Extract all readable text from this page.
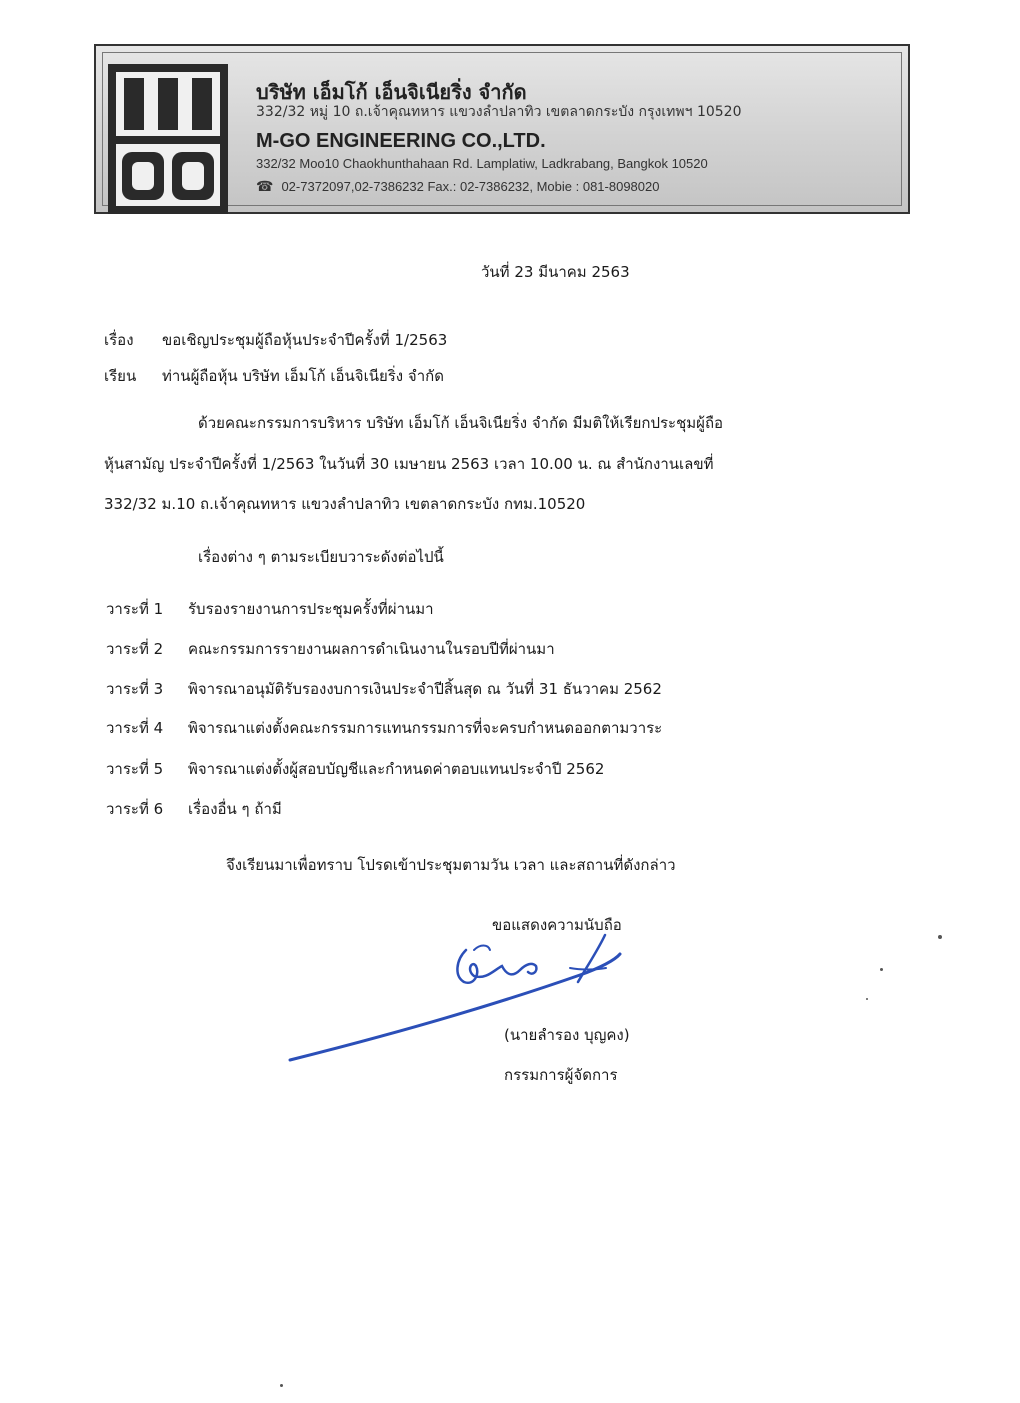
บริษัท เอ็มโก้ เอ็นจิเนียริ่ง จำกัด
332/32 หมู่ 10 ถ.เจ้าคุณทหาร แขวงลำปลาทิว เขตลาดกระบัง กรุงเทพฯ 10520
M-GO ENGINEERING CO.,LTD.
332/32 Moo10 Chaokhunthahaan Rd. Lamplatiw, Ladkrabang, Bangkok 10520
☎ 02-7372097,02-7386232 Fax.: 02-7386232, Mobie : 081-8098020
วันที่ 23 มีนาคม 2563
เรื่อง ขอเชิญประชุมผู้ถือหุ้นประจำปีครั้งที่ 1/2563
เรียน ท่านผู้ถือหุ้น บริษัท เอ็มโก้ เอ็นจิเนียริ่ง จำกัด
ด้วยคณะกรรมการบริหาร บริษัท เอ็มโก้ เอ็นจิเนียริ่ง จำกัด มีมติให้เรียกประชุมผู้ถือ
หุ้นสามัญ ประจำปีครั้งที่ 1/2563 ในวันที่ 30 เมษายน 2563 เวลา 10.00 น. ณ สำนักงานเลขที่
332/32 ม.10 ถ.เจ้าคุณทหาร แขวงลำปลาทิว เขตลาดกระบัง กทม.10520
เรื่องต่าง ๆ ตามระเบียบวาระดังต่อไปนี้
วาระที่ 1 รับรองรายงานการประชุมครั้งที่ผ่านมา
วาระที่ 2 คณะกรรมการรายงานผลการดำเนินงานในรอบปีที่ผ่านมา
วาระที่ 3 พิจารณาอนุมัติรับรองงบการเงินประจำปีสิ้นสุด ณ วันที่ 31 ธันวาคม 2562
วาระที่ 4 พิจารณาแต่งตั้งคณะกรรมการแทนกรรมการที่จะครบกำหนดออกตามวาระ
วาระที่ 5 พิจารณาแต่งตั้งผู้สอบบัญชีและกำหนดค่าตอบแทนประจำปี 2562
วาระที่ 6 เรื่องอื่น ๆ ถ้ามี
จึงเรียนมาเพื่อทราบ โปรดเข้าประชุมตามวัน เวลา และสถานที่ดังกล่าว
ขอแสดงความนับถือ
(นายลำรอง บุญคง)
กรรมการผู้จัดการ
